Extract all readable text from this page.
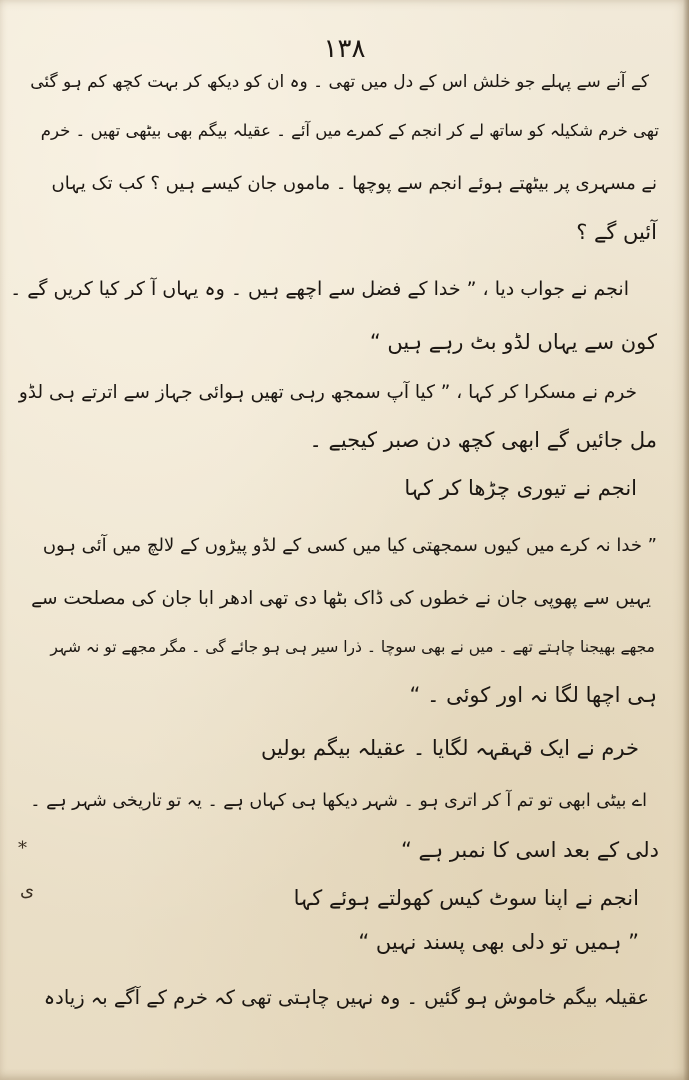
۱۳۸
کے آنے سے پہلے جو خلش اس کے دل میں تھی ۔ وہ ان کو دیکھ کر بہت کچھ کم ہو گئی
تھی خرم شکیلہ کو ساتھ لے کر انجم کے کمرے میں آئے ۔ عقیلہ بیگم بھی بیٹھی تھیں ۔ خرم
نے مسہری پر بیٹھتے ہوئے انجم سے پوچھا ۔ ماموں جان کیسے ہیں ؟ کب تک یہاں
آئیں گے ؟
انجم نے جواب دیا ، ” خدا کے فضل سے اچھے ہیں ۔ وہ یہاں آ کر کیا کریں گے ۔
کون سے یہاں لڈو بٹ رہے ہیں “
خرم نے مسکرا کر کہا ، ” کیا آپ سمجھ رہی تھیں ہوائی جہاز سے اترتے ہی لڈو
مل جائیں گے ابھی کچھ دن صبر کیجیے ۔
انجم نے تیوری چڑھا کر کہا
” خدا نہ کرے میں کیوں سمجھتی کیا میں کسی کے لڈو پیڑوں کے لالچ میں آئی ہوں
یہیں سے پھوپی جان نے خطوں کی ڈاک بٹھا دی تھی ادھر ابا جان کی مصلحت سے
مجھے بھیجنا چاہتے تھے ۔ میں نے بھی سوچا ۔ ذرا سیر ہی ہو جائے گی ۔ مگر مجھے تو نہ شہر
ہی اچھا لگا نہ اور کوئی ۔ “
خرم نے ایک قہقہہ لگایا ۔ عقیلہ بیگم بولیں
اے بیٹی ابھی تو تم آ کر اتری ہو ۔ شہر دیکھا ہی کہاں ہے ۔ یہ تو تاریخی شہر ہے ۔
دلی کے بعد اسی کا نمبر ہے “
انجم نے اپنا سوٹ کیس کھولتے ہوئے کہا
” ہمیں تو دلی بھی پسند نہیں “
عقیلہ بیگم خاموش ہو گئیں ۔ وہ نہیں چاہتی تھی کہ خرم کے آگے بہ زیادہ
*
ی
